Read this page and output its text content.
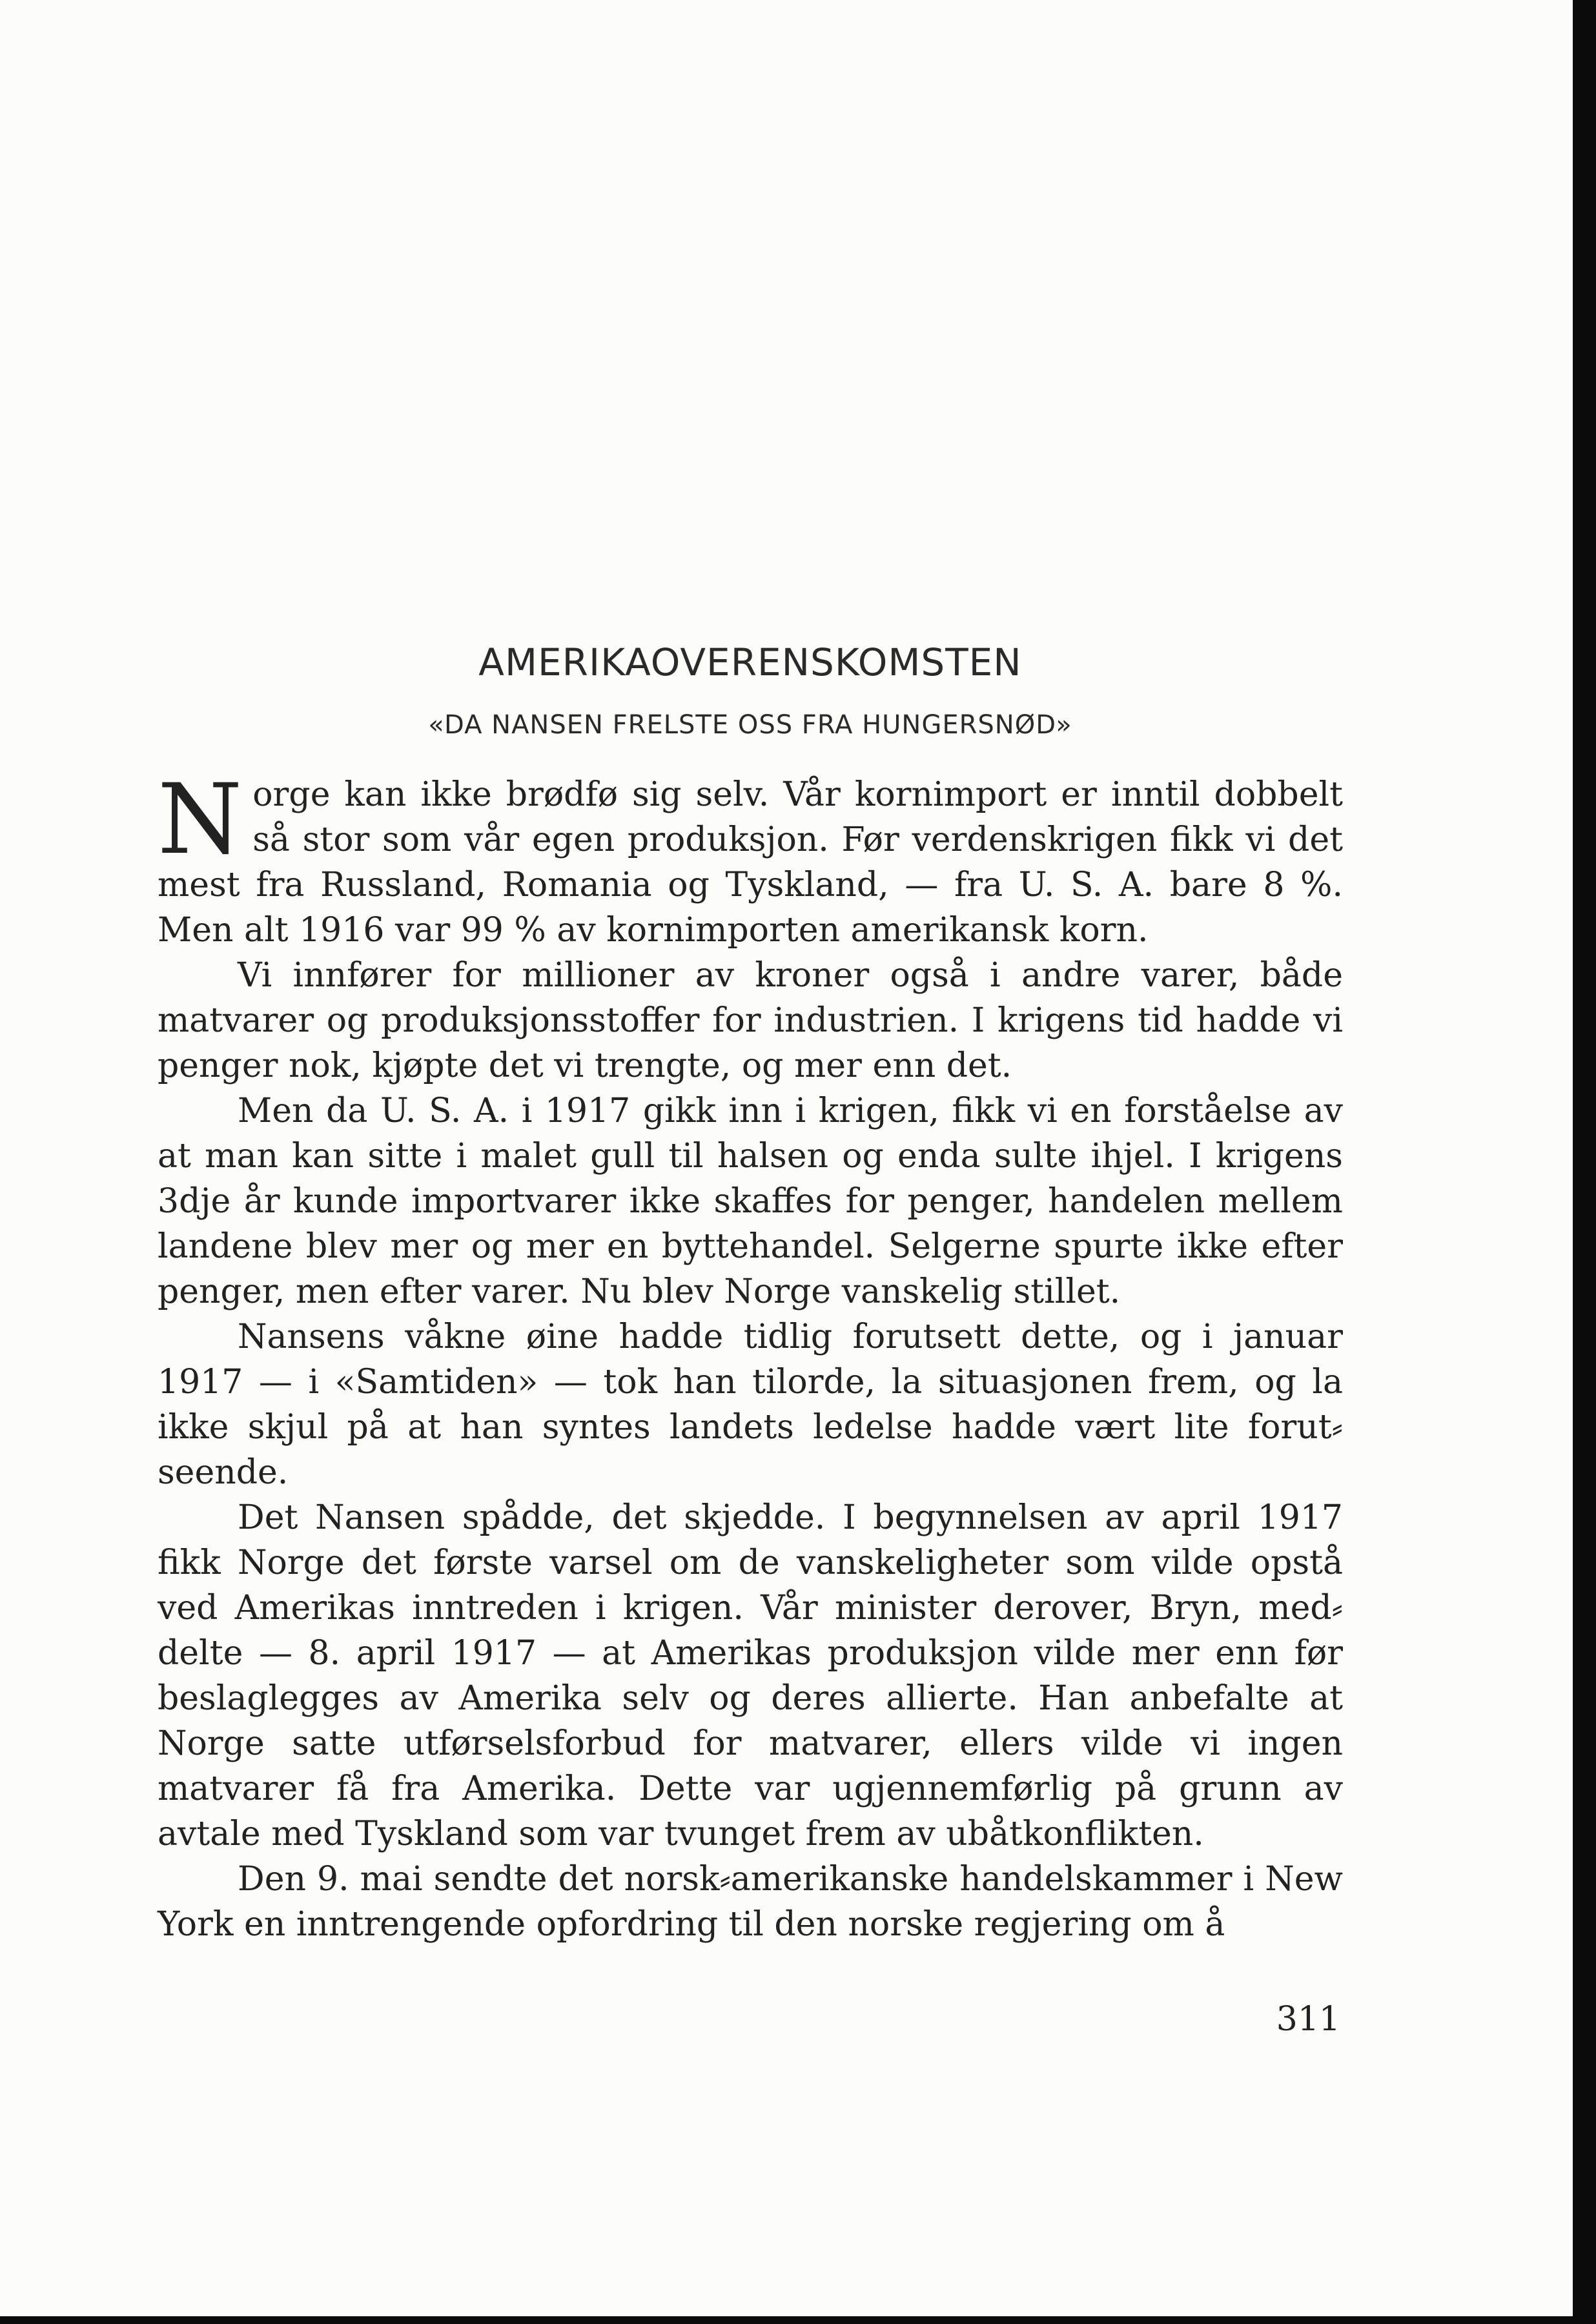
AMERIKAOVERENSKOMSTEN
«DA NANSEN FRELSTE OSS FRA HUNGERSNØD»

Norge kan ikke brødfø sig selv. Vår kornimport er inntil dobbelt så stor som vår egen produksjon. Før verdenskrigen fikk vi det mest fra Russland, Romania og Tyskland, — fra U. S. A. bare 8 %. Men alt 1916 var 99 % av kornimporten amerikansk korn.

Vi innfører for millioner av kroner også i andre varer, både matvarer og produksjonsstoffer for industrien. I krigens tid hadde vi penger nok, kjøpte det vi trengte, og mer enn det.

Men da U. S. A. i 1917 gikk inn i krigen, fikk vi en forståelse av at man kan sitte i malet gull til halsen og enda sulte ihjel. I krigens 3dje år kunde importvarer ikke skaffes for penger, handelen mellem landene blev mer og mer en byttehandel. Selgerne spurte ikke efter penger, men efter varer. Nu blev Norge vanskelig stillet.

Nansens våkne øine hadde tidlig forutsett dette, og i januar 1917 — i «Samtiden» — tok han tilorde, la situasjonen frem, og la ikke skjul på at han syntes landets ledelse hadde vært lite forut⸗seende.

Det Nansen spådde, det skjedde. I begynnelsen av april 1917 fikk Norge det første varsel om de vanskeligheter som vilde opstå ved Amerikas inntreden i krigen. Vår minister derover, Bryn, med⸗delte — 8. april 1917 — at Amerikas produksjon vilde mer enn før beslaglegges av Amerika selv og deres allierte. Han anbefalte at Norge satte utførselsforbud for matvarer, ellers vilde vi ingen matvarer få fra Amerika. Dette var ugjennemførlig på grunn av avtale med Tyskland som var tvunget frem av ubåtkonflikten.

Den 9. mai sendte det norsk⸗amerikanske handelskammer i New York en inntrengende opfordring til den norske regjering om å

311
